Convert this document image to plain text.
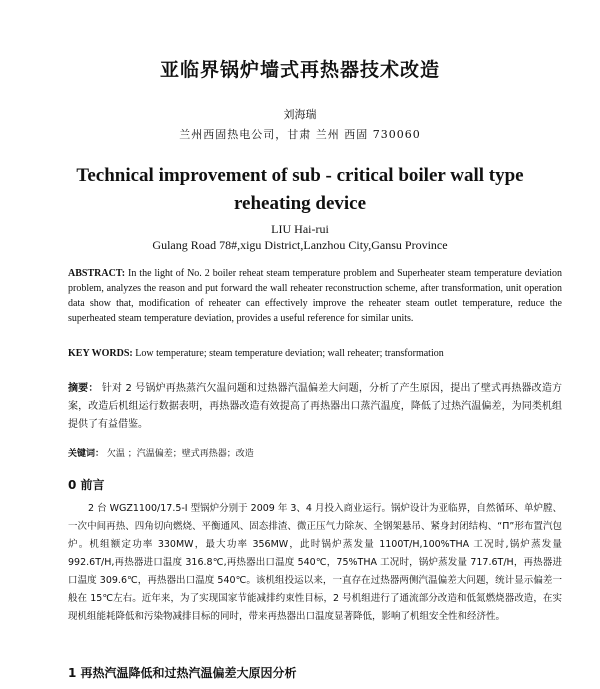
亚临界锅炉墙式再热器技术改造
刘海瑞
兰州西固热电公司，甘肃 兰州 西固 730060
Technical improvement of sub - critical boiler wall type reheating device
LIU Hai-rui
Gulang Road 78#,xigu District,Lanzhou City,Gansu Province
ABSTRACT: In the light of No. 2 boiler reheat steam temperature problem and Superheater steam temperature deviation problem, analyzes the reason and put forward the wall reheater reconstruction scheme, after transformation, unit operation data show that, modification of reheater can effectively improve the reheater steam outlet temperature, reduce the superheated steam temperature deviation, provides a useful reference for similar units.
KEY WORDS: Low temperature; steam temperature deviation; wall reheater; transformation
摘要： 针对 2 号锅炉再热蒸汽欠温问题和过热器汽温偏差大问题，分析了产生原因，提出了壁式再热器改造方案，改造后机组运行数据表明，再热器改造有效提高了再热器出口蒸汽温度，降低了过热汽温偏差，为同类机组提供了有益借鉴。
关键词： 欠温 ；汽温偏差；壁式再热器；改造
0 前言
2 台 WGZ1100/17.5-I 型锅炉分别于 2009 年 3、4 月投入商业运行。锅炉设计为亚临界，自然循环、单炉膛、一次中间再热、四角切向燃烧、平衡通风、固态排渣、微正压气力除灰、全钢架悬吊、紧身封闭结构、“Π”形布置汽包炉。机组额定功率 330MW，最大功率 356MW，此时锅炉蒸发量 1100T/H,100%THA 工况时,锅炉蒸发量 992.6T/H,再热器进口温度 316.8℃,再热器出口温度 540℃，75%THA 工况时，锅炉蒸发量 717.6T/H，再热器进口温度 309.6℃，再热器出口温度 540℃。该机组投运以来，一直存在过热器两侧汽温偏差大问题，统计显示偏差一般在 15℃左右。近年来，为了实现国家节能减排约束性目标，2 号机组进行了通流部分改造和低氮燃烧器改造，在实现机组能耗降低和污染物减排目标的同时，带来再热器出口温度显著降低，影响了机组安全性和经济性。
1 再热汽温降低和过热汽温偏差大原因分析
